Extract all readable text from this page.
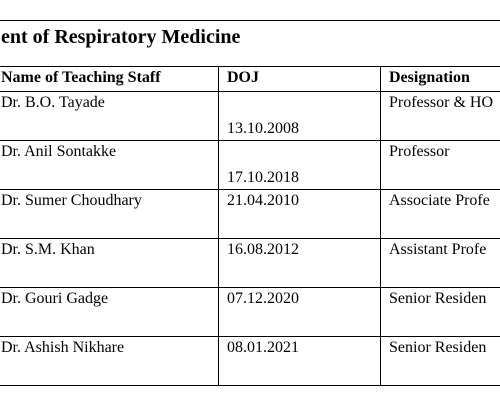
ent of Respiratory Medicine
Name of Teaching Staff	DOJ	Designation

Dr. B.O. Tayade	13.10.2008	Professor & HO

Dr. Anil Sontakke	17.10.2018	Professor

Dr. Sumer Choudhary	21.04.2010	Associate Profe

Dr. S.M. Khan	16.08.2012	Assistant Profe

Dr. Gouri Gadge	07.12.2020	Senior Residen

Dr. Ashish Nikhare	08.01.2021	Senior Residen
